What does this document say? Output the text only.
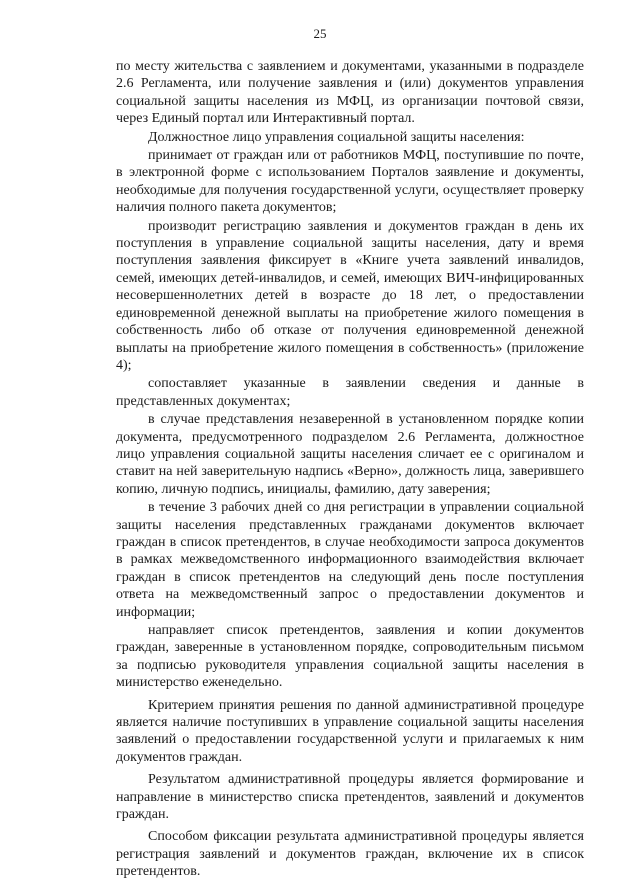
25

по месту жительства с заявлением и документами, указанными в подразделе 2.6 Регламента, или получение заявления и (или) документов управления социальной защиты населения из МФЦ, из организации почтовой связи, через Единый портал или Интерактивный портал.

Должностное лицо управления социальной защиты населения:

принимает от граждан или от работников МФЦ, поступившие по почте, в электронной форме с использованием Порталов заявление и документы, необходимые для получения государственной услуги, осуществляет проверку наличия полного пакета документов;

производит регистрацию заявления и документов граждан в день их поступления в управление социальной защиты населения, дату и время поступления заявления фиксирует в «Книге учета заявлений инвалидов, семей, имеющих детей-инвалидов, и семей, имеющих ВИЧ-инфицированных несовершеннолетних детей в возрасте до 18 лет, о предоставлении единовременной денежной выплаты на приобретение жилого помещения в собственность либо об отказе от получения единовременной денежной выплаты на приобретение жилого помещения в собственность» (приложение 4);

сопоставляет указанные в заявлении сведения и данные в представленных документах;

в случае представления незаверенной в установленном порядке копии документа, предусмотренного подразделом 2.6 Регламента, должностное лицо управления социальной защиты населения сличает ее с оригиналом и ставит на ней заверительную надпись «Верно», должность лица, заверившего копию, личную подпись, инициалы, фамилию, дату заверения;

в течение 3 рабочих дней со дня регистрации в управлении социальной защиты населения представленных гражданами документов включает граждан в список претендентов, в случае необходимости запроса документов в рамках межведомственного информационного взаимодействия включает граждан в список претендентов на следующий день после поступления ответа на межведомственный запрос о предоставлении документов и информации;

направляет список претендентов, заявления и копии документов граждан, заверенные в установленном порядке, сопроводительным письмом за подписью руководителя управления социальной защиты населения в министерство еженедельно.

Критерием принятия решения по данной административной процедуре является наличие поступивших в управление социальной защиты населения заявлений о предоставлении государственной услуги и прилагаемых к ним документов граждан.

Результатом административной процедуры является формирование и направление в министерство списка претендентов, заявлений и документов граждан.

Способом фиксации результата административной процедуры является регистрация заявлений и документов граждан, включение их в список претендентов.
